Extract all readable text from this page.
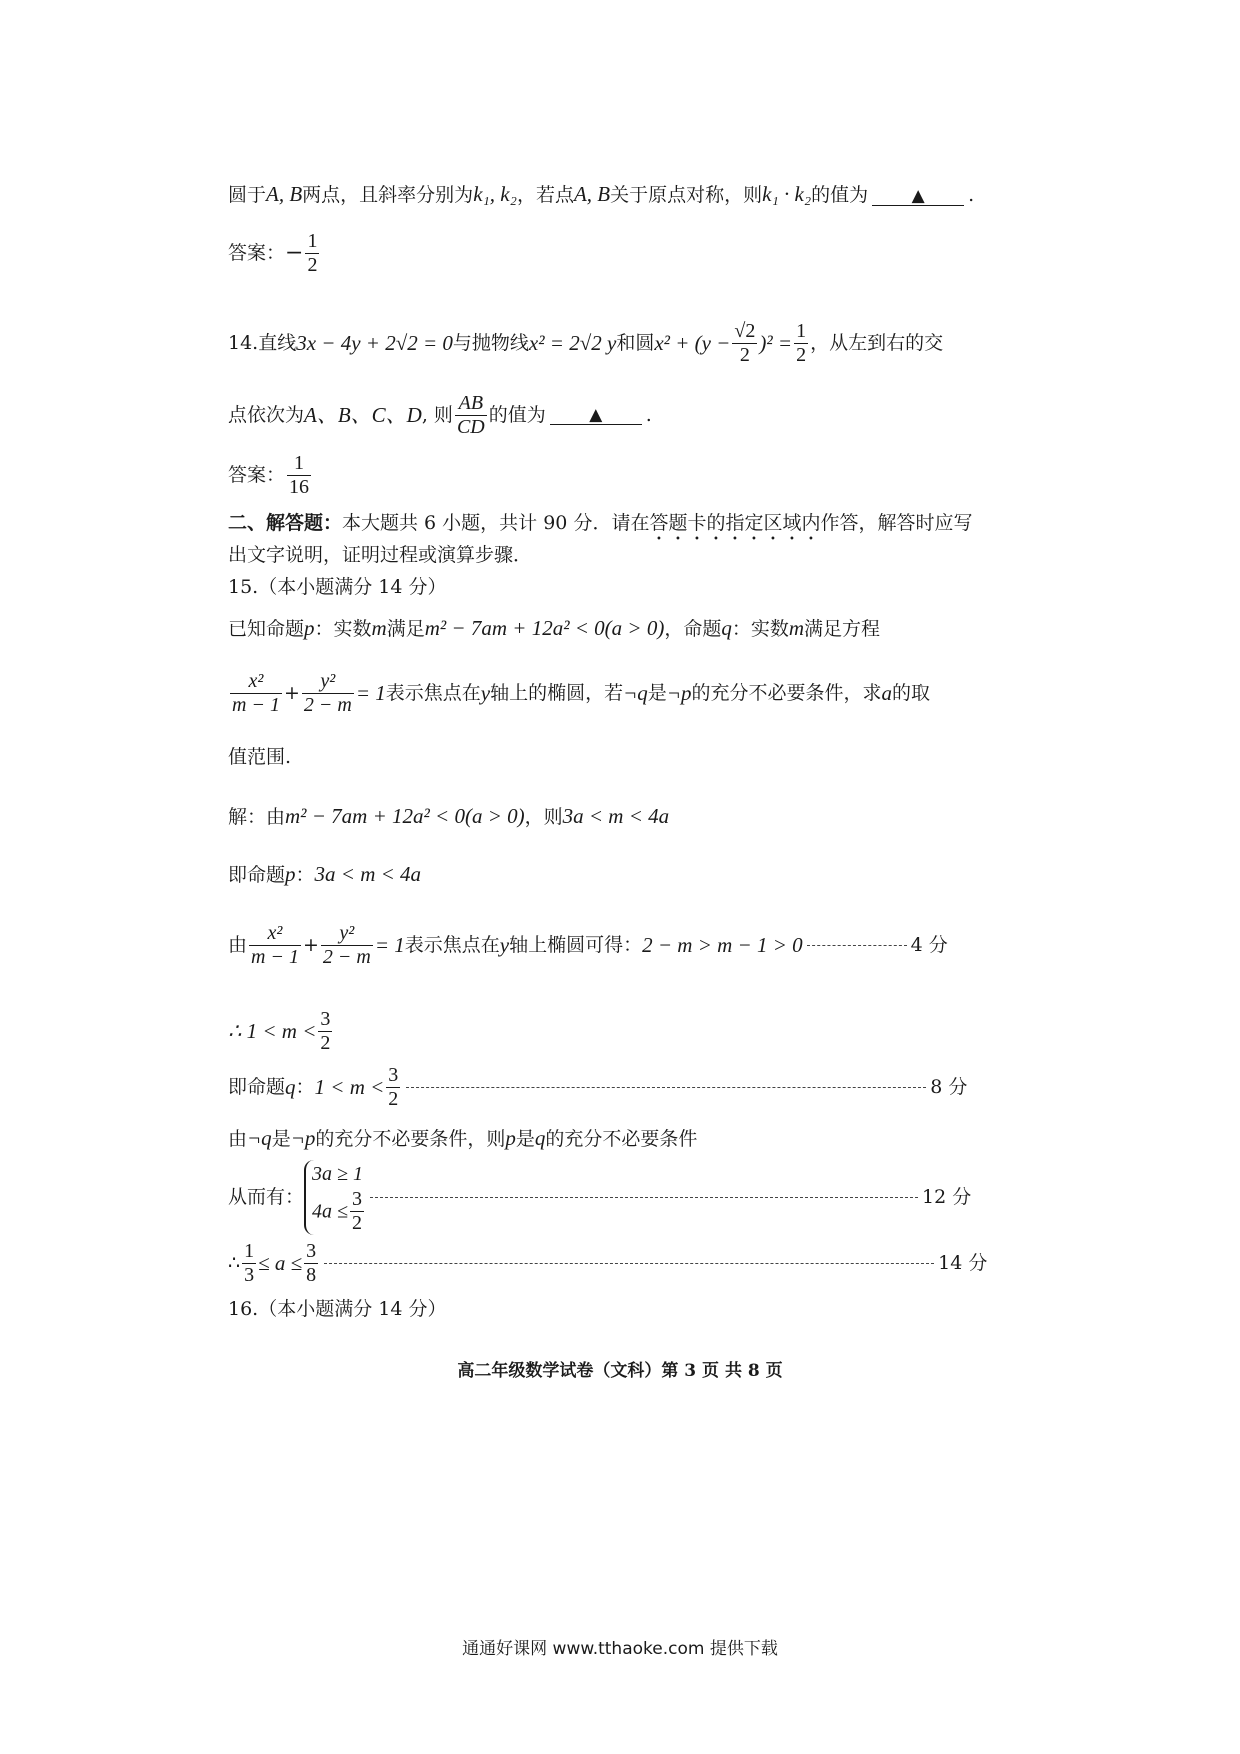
圆于A, B两点，且斜率分别为k₁, k₂，若点A, B关于原点对称，则k₁ · k₂的值为	▲ .
答案：− $\frac{1}{2}$
14.直线3x − 4y + 2√2 = 0与抛物线x² = 2√2 y和圆$x^2 + (y - \frac{√2}{2} )^2 = \frac{1}{2}$ ，从左到右的交
点依次为A、B、C、D, 则 $\frac{AB}{CD}$ 的值为	▲ .
答案： $\frac{1}{16}$
二、解答题：本大题共 6 小题，共计 90 分．请在答题卡的指定区域内作答，解答时应写
出文字说明，证明过程或演算步骤．
15.（本小题满分 14 分）
已知命题p：实数m满足m² − 7am + 12a² < 0(a > 0)，命题q：实数m满足方程
$\frac{\text{x²}}{m - 1} + \frac{\text{y²}}{2 - m} = 1$表示焦点在y轴上的椭圆，若¬q是¬p的充分不必要条件，求a的取
值范围.
解：由m² − 7am + 12a² < 0(a > 0)，则3a < m < 4a
即命题p：3a < m < 4a
由 $\frac{\text{x²}}{m - 1} + \frac{\text{y²}}{2 - m} = 1$表示焦点在y轴上椭圆可得：2 − m > m − 1 > 0	4 分
∴ $1 < m < \frac{3}{2}$
即命题q：$1 < m < \frac{3}{2}$	8 分
由¬q是¬p的充分不必要条件，则p是q的充分不必要条件
从而有：
3a ≥ 1
$4a \le \frac{3}{2}$	12 分
∴ $\frac{1}{3} \le a \le \frac{3}{8}$	14 分
16.（本小题满分 14 分）
高二年级数学试卷（文科）第 3 页 共 8 页
通通好课网 www.tthaoke.com 提供下载
